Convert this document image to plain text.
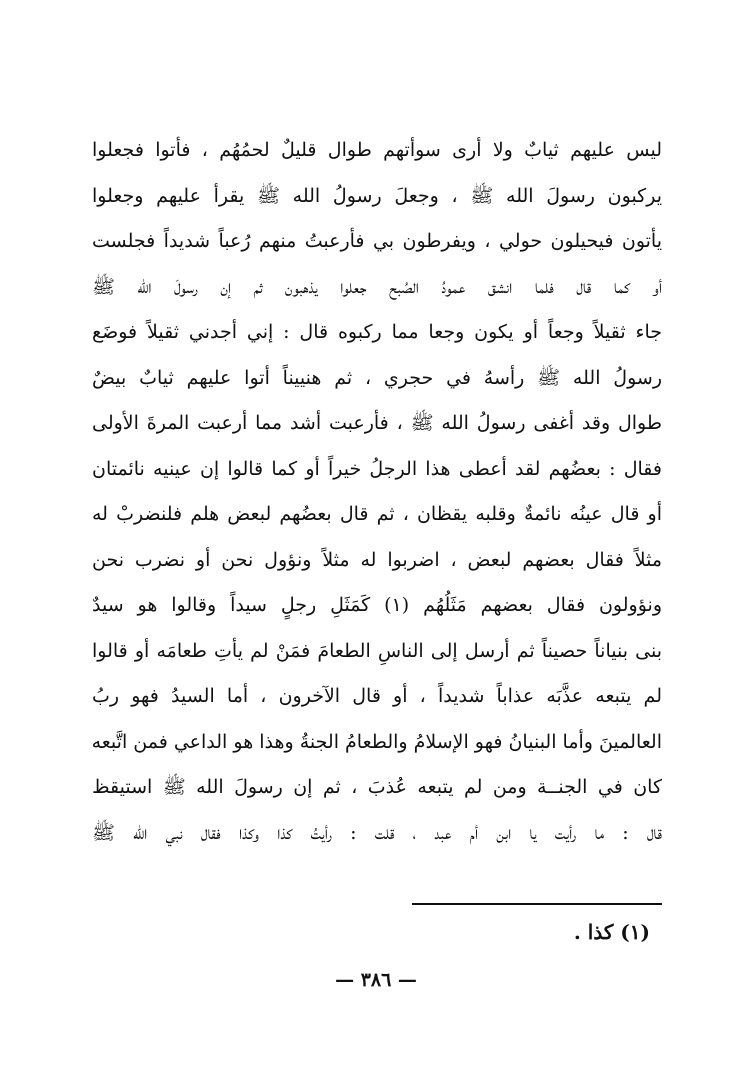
ليس عليهم ثيابٌ ولا أرى سوأتهم طوال قليلٌ لحمُهُم ، فأتوا فجعلوا
يركبون رسولَ الله ﷺ ، وجعلَ رسولُ الله ﷺ يقرأ عليهم وجعلوا
يأتون فيحيلون حولي ، ويفرطون بي فأرعبتُ منهم رُعباً شديداً فجلست
أو كما قال فلما انشق عمودُ الصُبح جعلوا يذهبون ثم إن رسولَ الله ﷺ
جاء ثقيلاً وجعاً أو يكون وجعا مما ركبوه قال : إني أجدني ثقيلاً فوضَع
رسولُ الله ﷺ رأسهُ في حجري ، ثم هنييناً أتوا عليهم ثيابٌ بيضٌ
طوال وقد أغفى رسولُ الله ﷺ ، فأرعبت أشد مما أرعبت المرةَ الأولى
فقال : بعضُهم لقد أعطى هذا الرجلُ خيراً أو كما قالوا إن عينيه نائمتان
أو قال عينُه نائمةٌ وقلبه يقظان ، ثم قال بعضُهم لبعض هلم فلنضربْ له
مثلاً فقال بعضهم لبعض ، اضربوا له مثلاً ونؤول نحن أو نضرب نحن
ونؤولون فقال بعضهم مَثَلُهُم (١) كَمَثَلِ رجلٍ سيداً وقالوا هو سيدٌ
بنى بنياناً حصيناً ثم أرسل إلى الناسِ الطعامَ فمَنْ لم يأتِ طعامَه أو قالوا
لم يتبعه عذَّبَه عذاباً شديداً ، أو قال الآخرون ، أما السيدُ فهو ربُ
العالمينَ وأما البنيانُ فهو الإسلامُ والطعامُ الجنةُ وهذا هو الداعي فمن اتَّبعه
كان في الجنــة ومن لم يتبعه عُذبَ ، ثم إن رسولَ الله ﷺ استيقظ
قال : ما رأيت يا ابن أم عبد ، قلت : رأيتُ كذا وكذا فقال نبي الله ﷺ
(١) كذا .
— ٣٨٦ —
